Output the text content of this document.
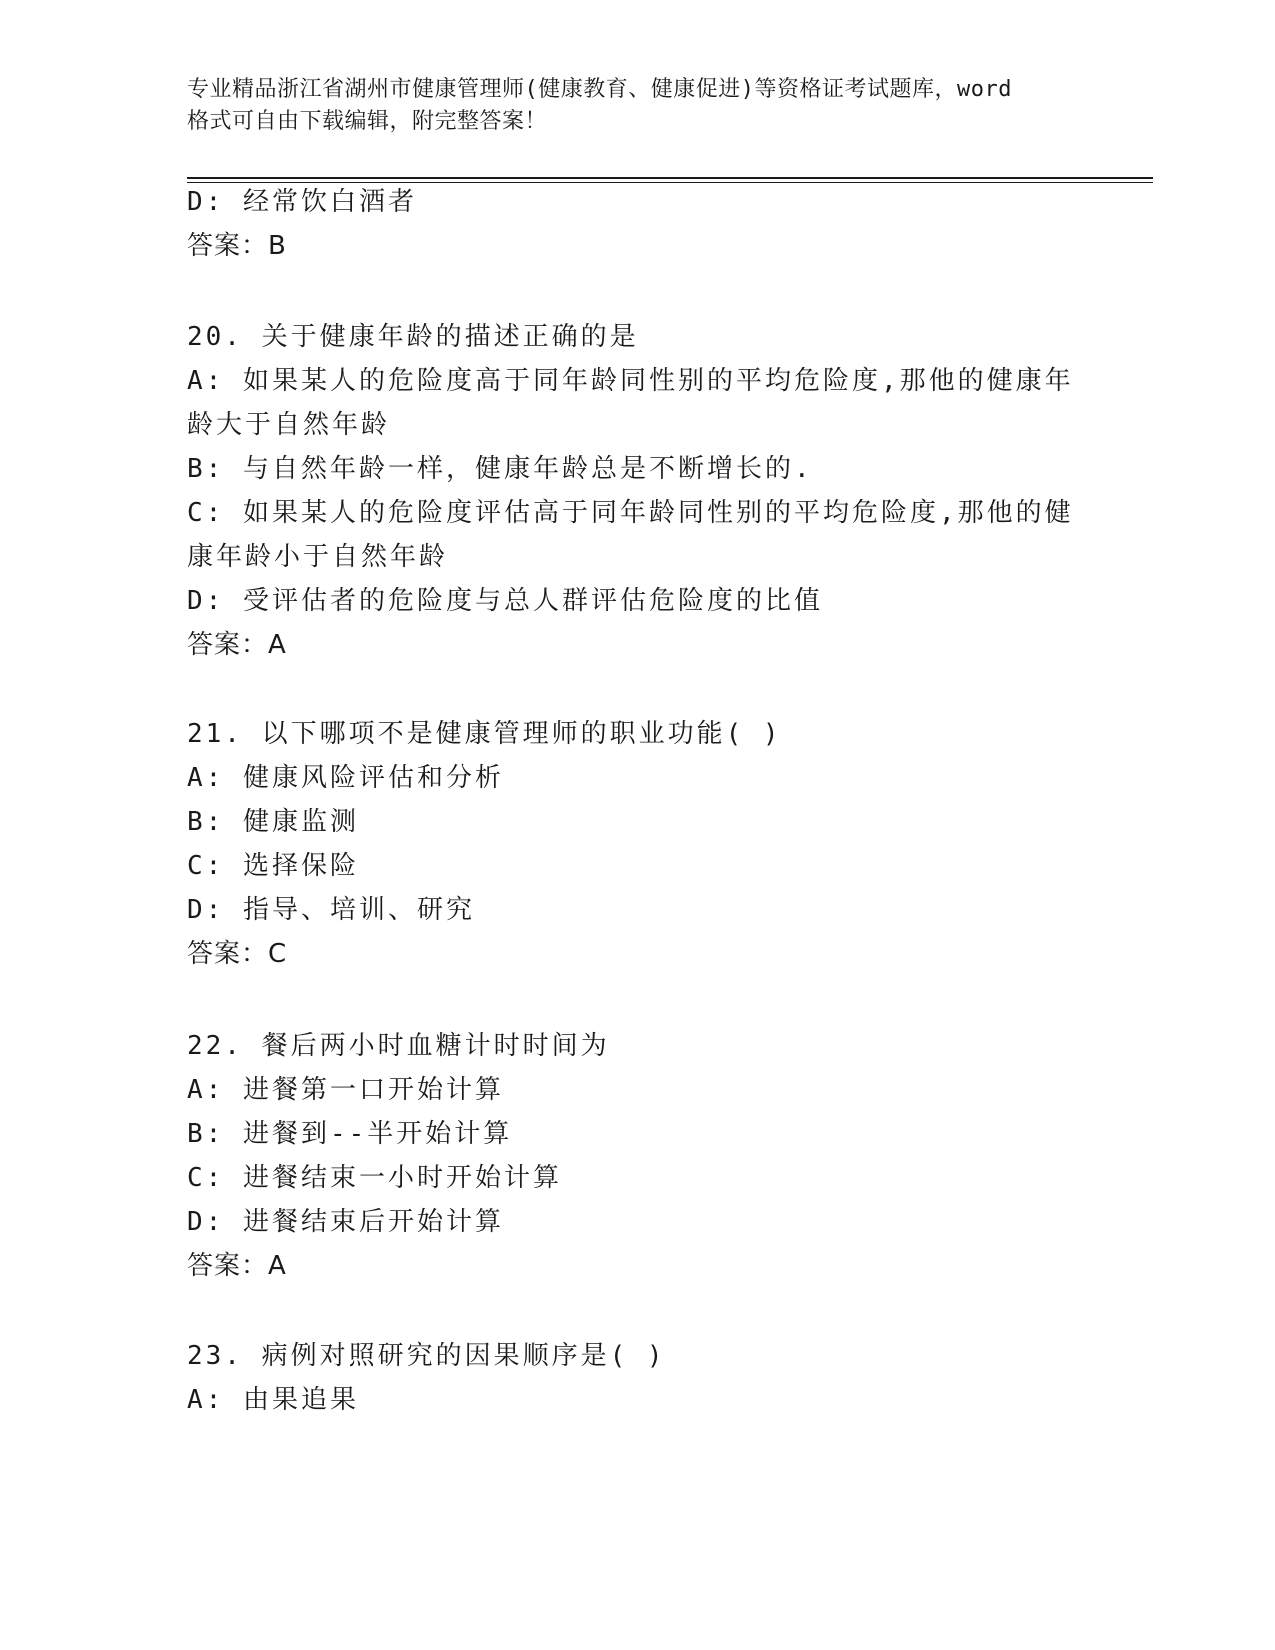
专业精品浙江省湖州市健康管理师(健康教育、健康促进)等资格证考试题库，word
格式可自由下载编辑，附完整答案！
D: 经常饮白酒者
答案：B
20. 关于健康年龄的描述正确的是
A: 如果某人的危险度高于同年龄同性别的平均危险度,那他的健康年
龄大于自然年龄
B: 与自然年龄一样，健康年龄总是不断增长的.
C: 如果某人的危险度评估高于同年龄同性别的平均危险度,那他的健
康年龄小于自然年龄
D: 受评估者的危险度与总人群评估危险度的比值
答案：A
21. 以下哪项不是健康管理师的职业功能( )
A: 健康风险评估和分析
B: 健康监测
C: 选择保险
D: 指导、培训、研究
答案：C
22. 餐后两小时血糖计时时间为
A: 进餐第一口开始计算
B: 进餐到--半开始计算
C: 进餐结束一小时开始计算
D: 进餐结束后开始计算
答案：A
23. 病例对照研究的因果顺序是( )
A: 由果追果
